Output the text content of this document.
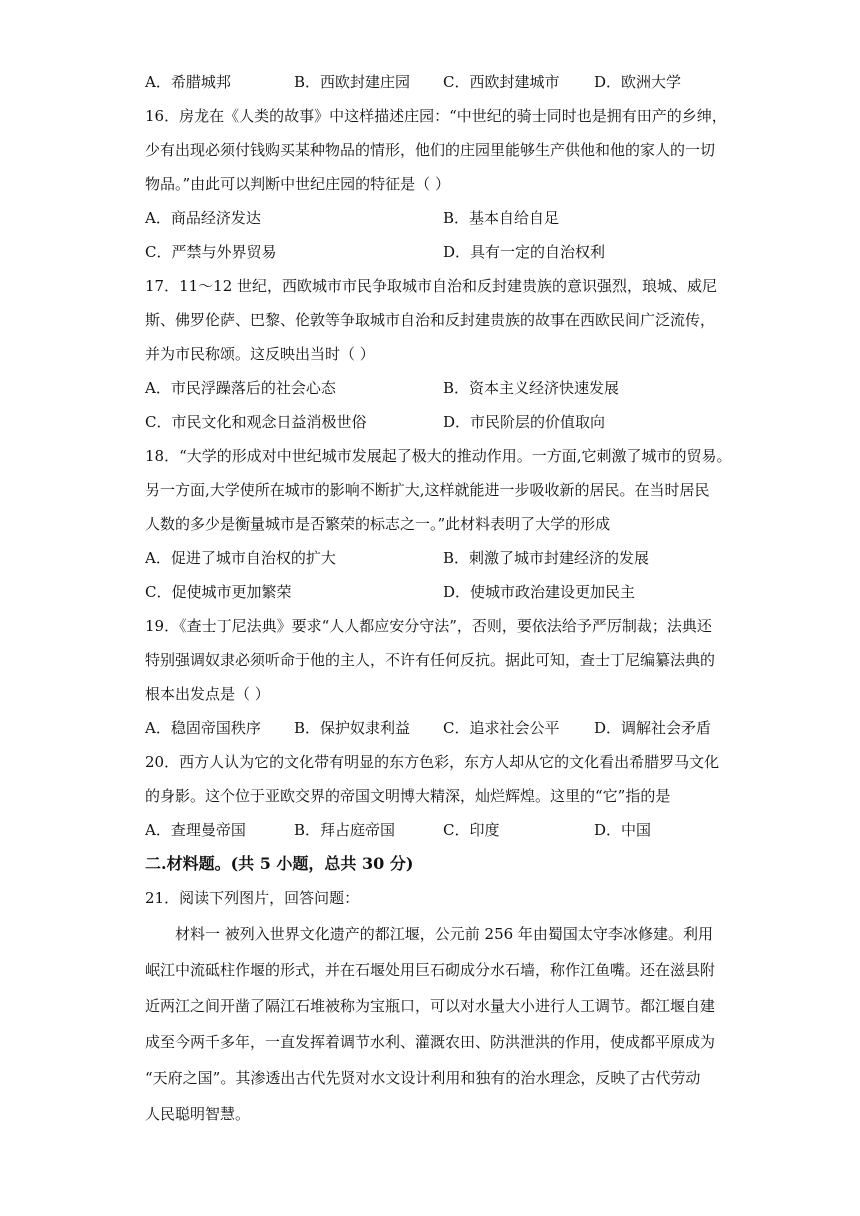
A．希腊城邦	B．西欧封建庄园 C．西欧封建城市 D．欧洲大学
16．房龙在《人类的故事》中这样描述庄园：“中世纪的骑士同时也是拥有田产的乡绅，
少有出现必须付钱购买某种物品的情形，他们的庄园里能够生产供他和他的家人的一切
物品。”由此可以判断中世纪庄园的特征是（ ）
A．商品经济发达	B．基本自给自足
C．严禁与外界贸易	D．具有一定的自治权利
17．11～12 世纪，西欧城市市民争取城市自治和反封建贵族的意识强烈，琅城、威尼
斯、佛罗伦萨、巴黎、伦敦等争取城市自治和反封建贵族的故事在西欧民间广泛流传，
并为市民称颂。这反映出当时（ ）
A．市民浮躁落后的社会心态	B．资本主义经济快速发展
C．市民文化和观念日益消极世俗	D．市民阶层的价值取向
18．“大学的形成对中世纪城市发展起了极大的推动作用。一方面,它刺激了城市的贸易。
另一方面,大学使所在城市的影响不断扩大,这样就能进一步吸收新的居民。在当时居民
人数的多少是衡量城市是否繁荣的标志之一。”此材料表明了大学的形成
A．促进了城市自治权的扩大	B．刺激了城市封建经济的发展
C．促使城市更加繁荣	D．使城市政治建设更加民主
19．《查士丁尼法典》要求“人人都应安分守法”，否则，要依法给予严厉制裁；法典还
特别强调奴隶必须听命于他的主人，不许有任何反抗。据此可知，查士丁尼编纂法典的
根本出发点是（ ）
A．稳固帝国秩序 B．保护奴隶利益 C．追求社会公平 D．调解社会矛盾
20．西方人认为它的文化带有明显的东方色彩，东方人却从它的文化看出希腊罗马文化
的身影。这个位于亚欧交界的帝国文明博大精深，灿烂辉煌。这里的“它”指的是
A．查理曼帝国	B．拜占庭帝国	C．印度	D．中国
二.材料题。(共 5 小题，总共 30 分)
21．阅读下列图片，回答问题：
材料一 被列入世界文化遗产的都江堰，公元前 256 年由蜀国太守李冰修建。利用
岷江中流砥柱作堰的形式，并在石堰处用巨石砌成分水石墙，称作江鱼嘴。还在滋县附
近两江之间开凿了隔江石堆被称为宝瓶口，可以对水量大小进行人工调节。都江堰自建
成至今两千多年，一直发挥着调节水利、灌溉农田、防洪泄洪的作用，使成都平原成为
“天府之国”。其渗透出古代先贤对水文设计利用和独有的治水理念，反映了古代劳动
人民聪明智慧。
